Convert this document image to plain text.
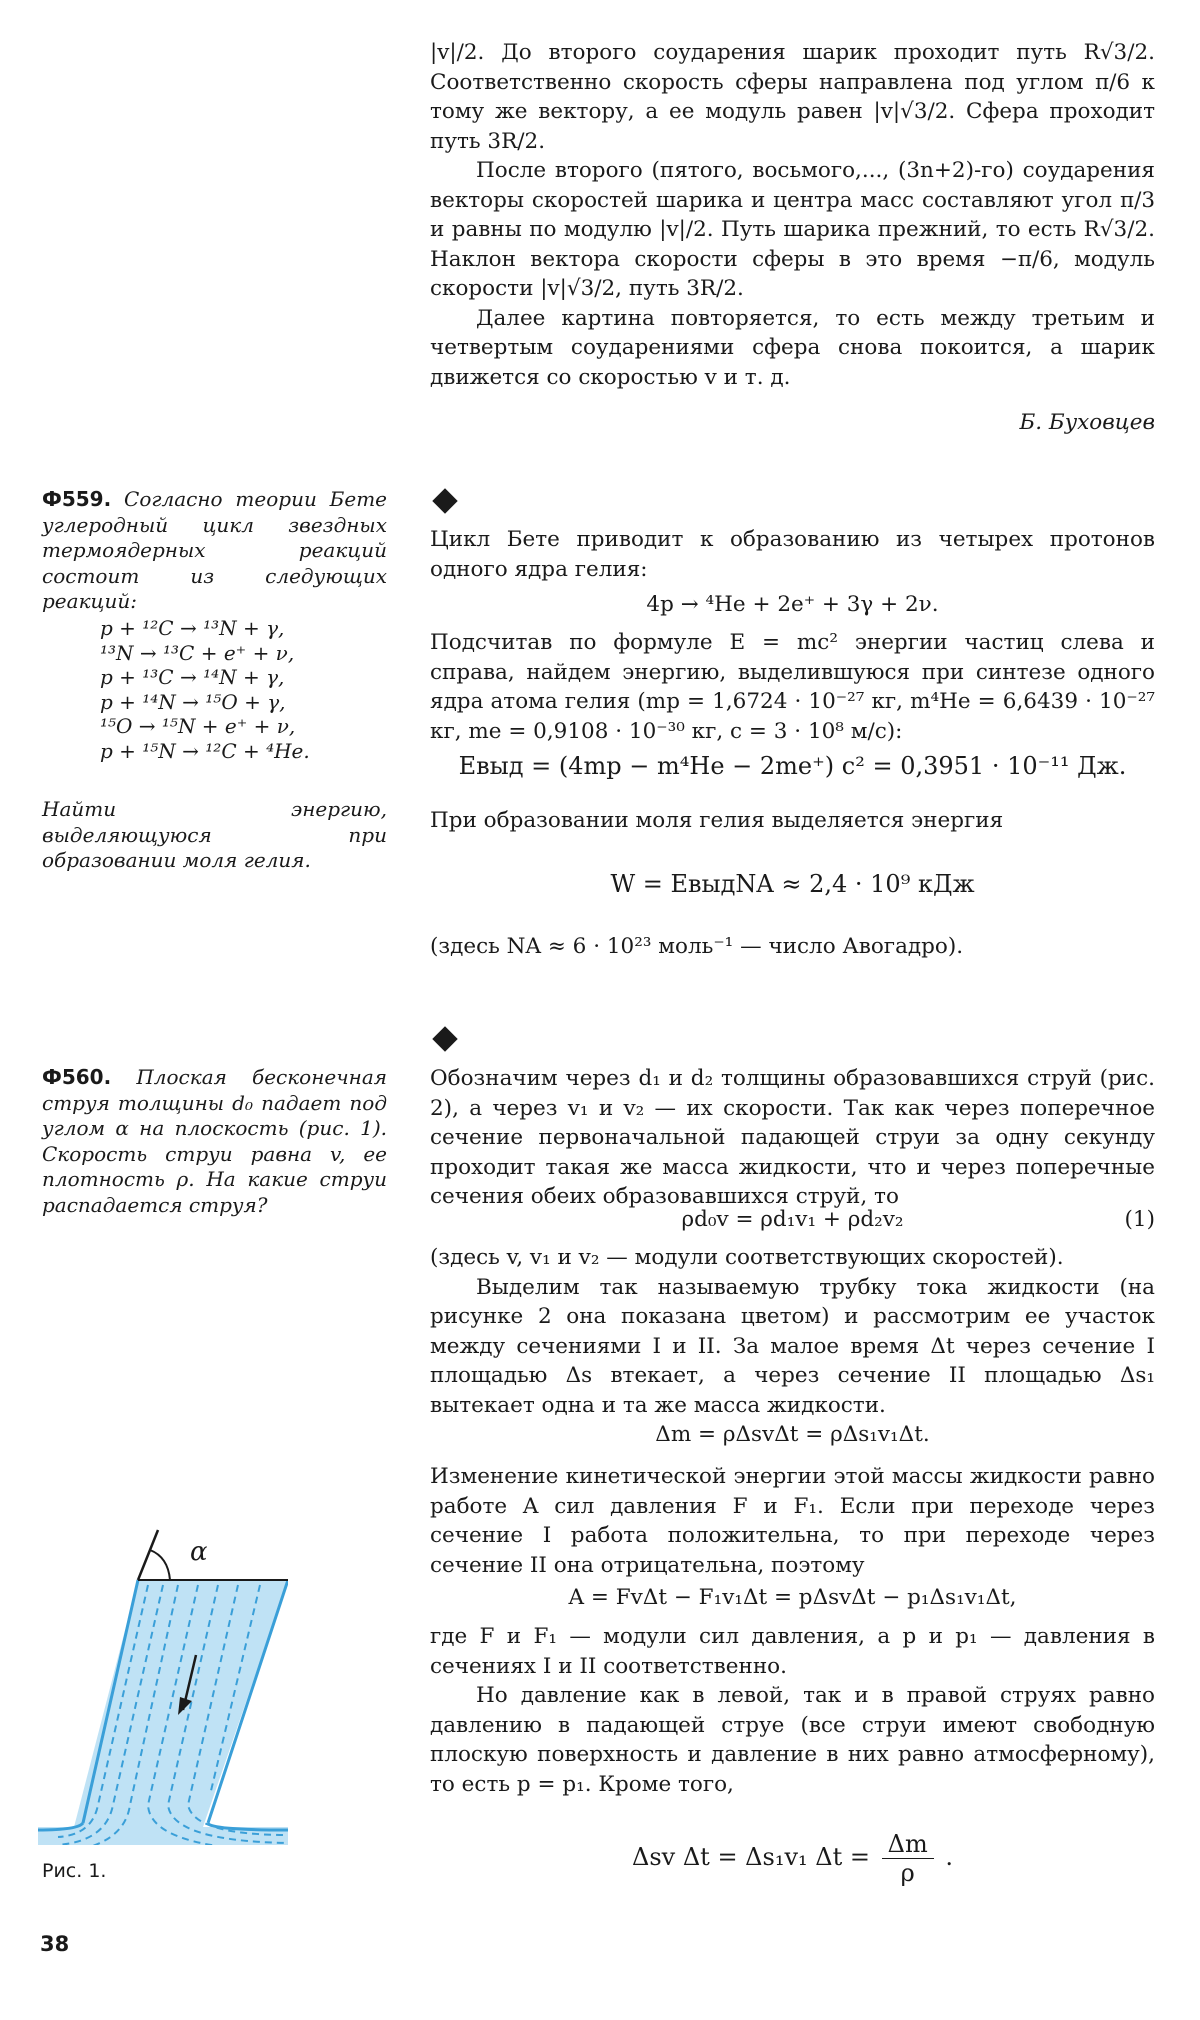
|v|/2. До второго соударения шарик проходит путь R√3/2. Соответственно скорость сферы направлена под углом π/6 к тому же вектору, а ее модуль равен |v|√3/2. Сфера проходит путь 3R/2.

После второго (пятого, восьмого,..., (3n+2)-го) соударения векторы скоростей шарика и центра масс составляют угол π/3 и равны по модулю |v|/2. Путь шарика прежний, то есть R√3/2. Наклон вектора скорости сферы в это время −π/6, модуль скорости |v|√3/2, путь 3R/2.

Далее картина повторяется, то есть между третьим и четвертым соударениями сфера снова покоится, а шарик движется со скоростью v и т. д.

Б. Буховцев
Ф559. Согласно теории Бете углеродный цикл звездных термоядерных реакций состоит из следующих реакций:
p + ¹²C → ¹³N + γ,
¹³N → ¹³C + e⁺ + ν,
p + ¹³C → ¹⁴N + γ,
p + ¹⁴N → ¹⁵O + γ,
¹⁵O → ¹⁵N + e⁺ + ν,
p + ¹⁵N → ¹²C + ⁴He.
Найти энергию, выделяющуюся при образовании моля гелия.

Цикл Бете приводит к образованию из четырех протонов одного ядра гелия:

4p → ⁴He + 2e⁺ + 3γ + 2ν.

Подсчитав по формуле E = mc² энергии частиц слева и справа, найдем энергию, выделившуюся при синтезе одного ядра атома гелия (mp = 1,6724 · 10⁻²⁷ кг, m⁴He = 6,6439 · 10⁻²⁷ кг, me = 0,9108 · 10⁻³⁰ кг, c = 3 · 10⁸ м/с):

Eвыд = (4mp − m⁴He − 2me⁺) c² = 0,3951 · 10⁻¹¹ Дж.

При образовании моля гелия выделяется энергия

W = EвыдNA ≈ 2,4 · 10⁹ кДж

(здесь NA ≈ 6 · 10²³ моль⁻¹ — число Авогадро).

Ф560. Плоская бесконечная струя толщины d₀ падает под углом α на плоскость (рис. 1). Скорость струи равна v, ее плотность ρ. На какие струи распадается струя?

Обозначим через d₁ и d₂ толщины образовавшихся струй (рис. 2), а через v₁ и v₂ — их скорости. Так как через поперечное сечение первоначальной падающей струи за одну секунду проходит такая же масса жидкости, что и через поперечные сечения обеих образовавшихся струй, то

ρd₀v = ρd₁v₁ + ρd₂v₂	(1)

(здесь v, v₁ и v₂ — модули соответствующих скоростей).

Выделим так называемую трубку тока жидкости (на рисунке 2 она показана цветом) и рассмотрим ее участок между сечениями I и II. За малое время Δt через сечение I площадью Δs втекает, а через сечение II площадью Δs₁ вытекает одна и та же масса жидкости.

Δm = ρΔsvΔt = ρΔs₁v₁Δt.

Изменение кинетической энергии этой массы жидкости равно работе A сил давления F и F₁. Если при переходе через сечение I работа положительна, то при переходе через сечение II она отрицательна, поэтому

A = FvΔt − F₁v₁Δt = pΔsvΔt − p₁Δs₁v₁Δt,

где F и F₁ — модули сил давления, а p и p₁ — давления в сечениях I и II соответственно.

Но давление как в левой, так и в правой струях равно давлению в падающей струе (все струи имеют свободную плоскую поверхность и давление в них равно атмосферному), то есть p = p₁. Кроме того,

Δsv Δt = Δs₁v₁ $\Delta t = \frac{\Delta m}{\rho}$ .
α
Рис. 1.
38
